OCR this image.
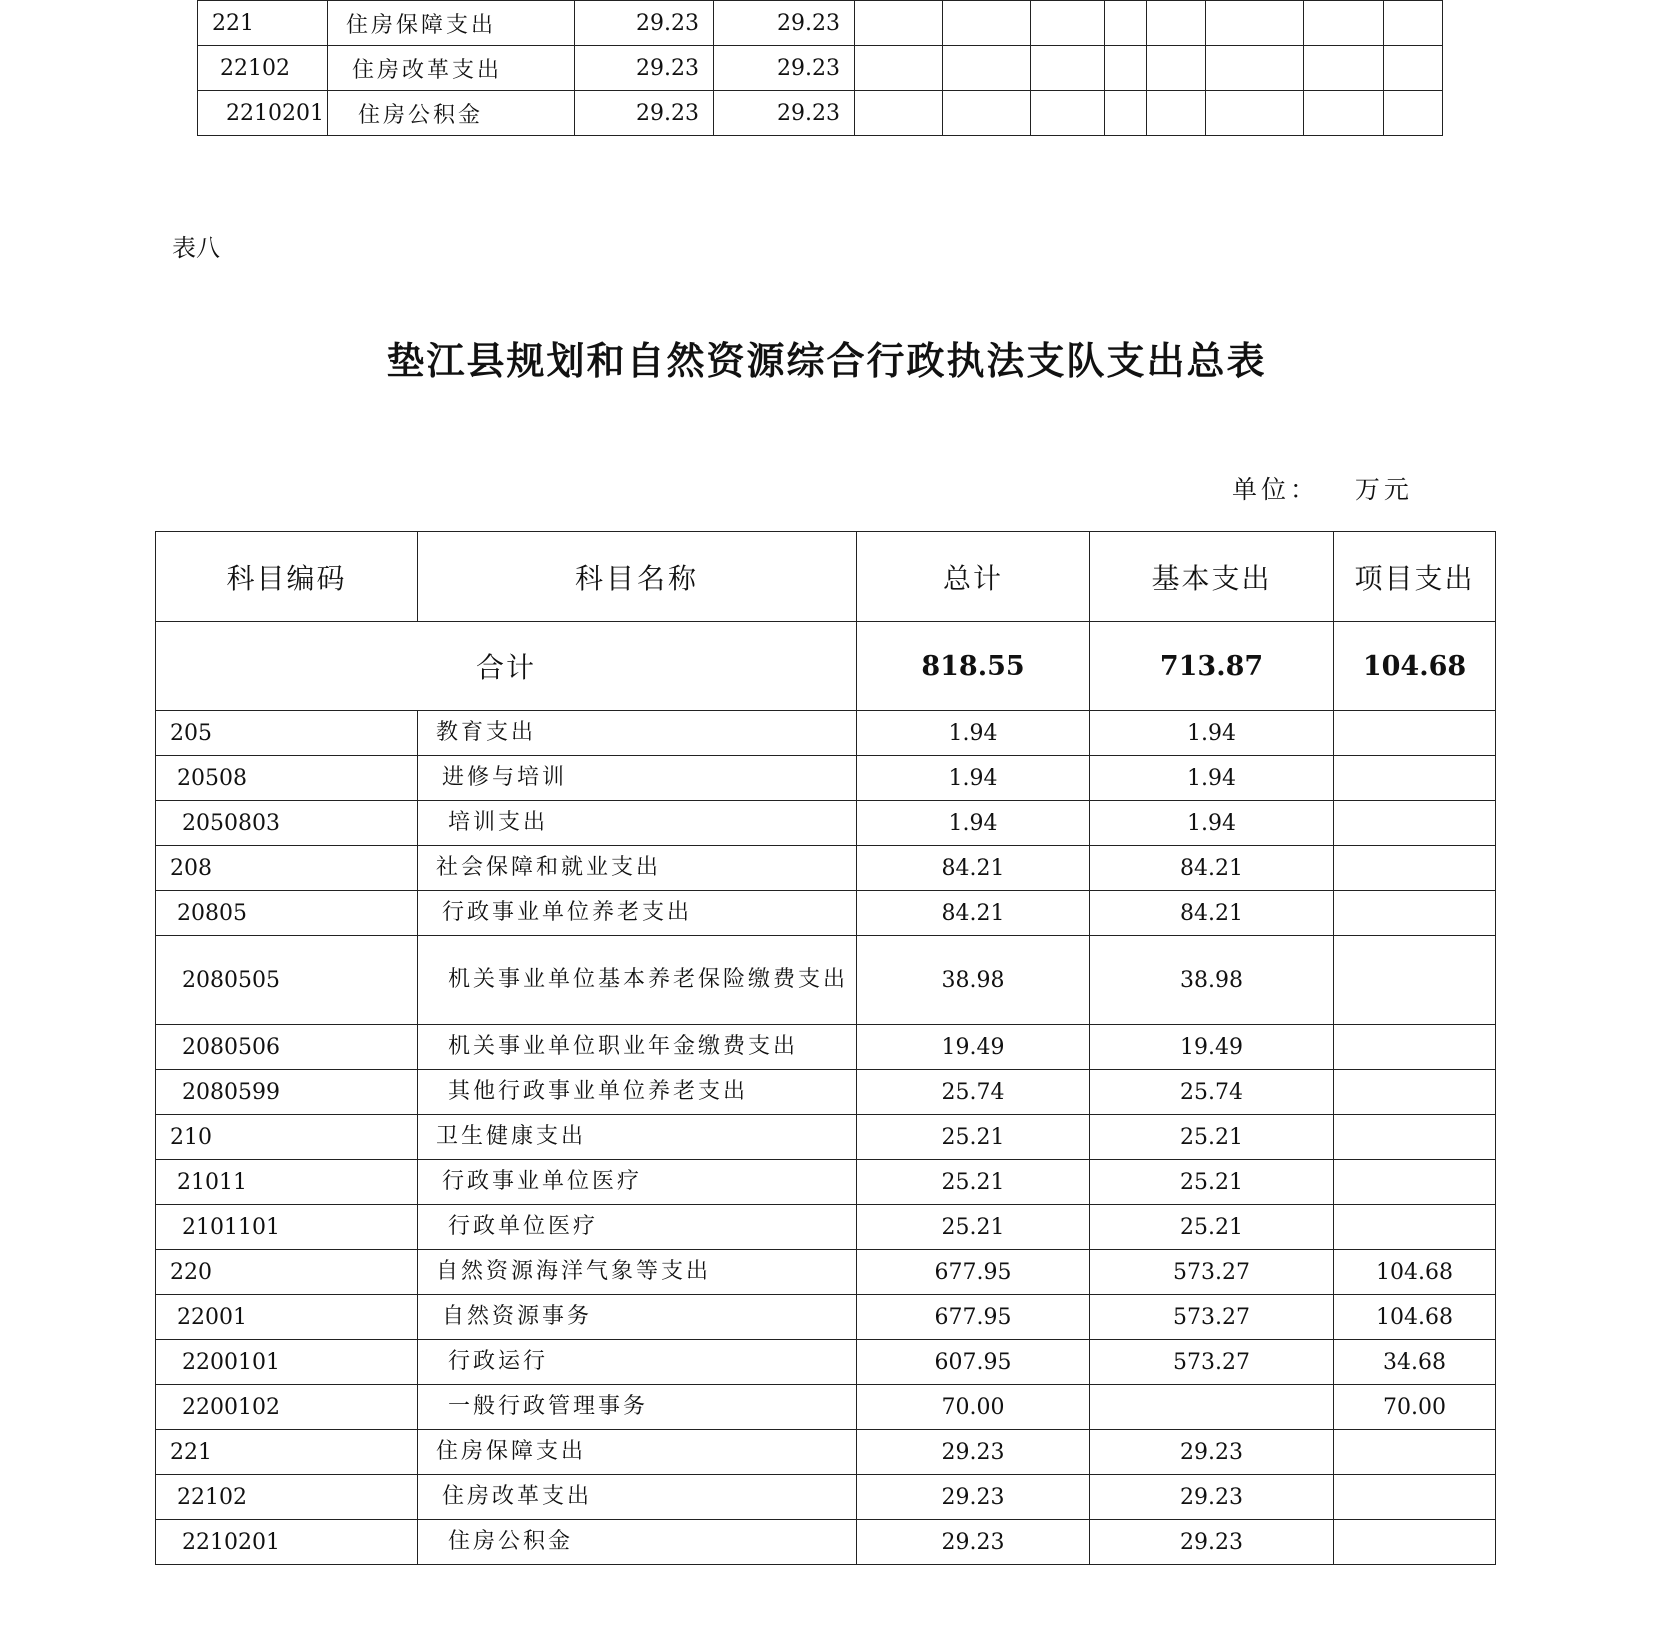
221	住房保障支出	29.23	29.23								
22102	住房改革支出	29.23	29.23								
2210201	住房公积金	29.23	29.23								
表八
垫江县规划和自然资源综合行政执法支队支出总表
单位： 万元
科目编码	科目名称	总计	基本支出	项目支出
合计		818.55	713.87	104.68
205	教育支出	1.94	1.94	
20508	进修与培训	1.94	1.94	
2050803	培训支出	1.94	1.94	
208	社会保障和就业支出	84.21	84.21	
20805	行政事业单位养老支出	84.21	84.21	
2080505	机关事业单位基本养老保险缴费支出	38.98	38.98	
2080506	机关事业单位职业年金缴费支出	19.49	19.49	
2080599	其他行政事业单位养老支出	25.74	25.74	
210	卫生健康支出	25.21	25.21	
21011	行政事业单位医疗	25.21	25.21	
2101101	行政单位医疗	25.21	25.21	
220	自然资源海洋气象等支出	677.95	573.27	104.68
22001	自然资源事务	677.95	573.27	104.68
2200101	行政运行	607.95	573.27	34.68
2200102	一般行政管理事务	70.00		70.00
221	住房保障支出	29.23	29.23	
22102	住房改革支出	29.23	29.23	
2210201	住房公积金	29.23	29.23	
